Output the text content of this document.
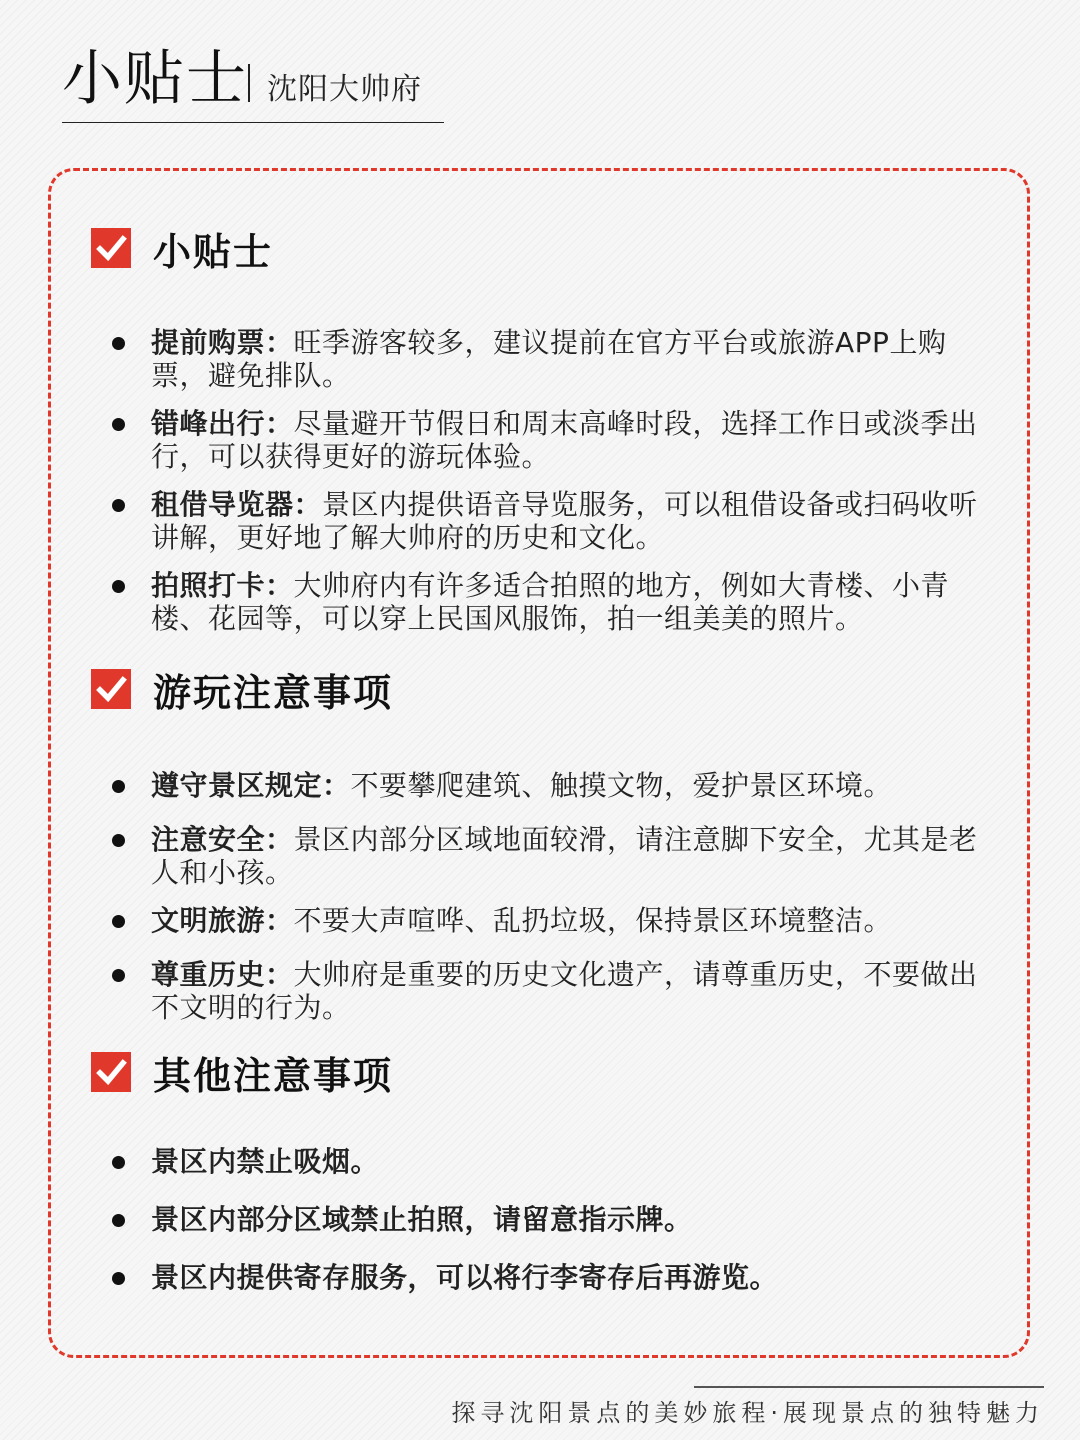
小贴士 沈阳大帅府
小贴士
提前购票：旺季游客较多，建议提前在官方平台或旅游APP上购票，避免排队。
错峰出行：尽量避开节假日和周末高峰时段，选择工作日或淡季出行，可以获得更好的游玩体验。
租借导览器：景区内提供语音导览服务，可以租借设备或扫码收听讲解，更好地了解大帅府的历史和文化。
拍照打卡：大帅府内有许多适合拍照的地方，例如大青楼、小青楼、花园等，可以穿上民国风服饰，拍一组美美的照片。
游玩注意事项
遵守景区规定：不要攀爬建筑、触摸文物，爱护景区环境。
注意安全：景区内部分区域地面较滑，请注意脚下安全，尤其是老人和小孩。
文明旅游：不要大声喧哗、乱扔垃圾，保持景区环境整洁。
尊重历史：大帅府是重要的历史文化遗产，请尊重历史，不要做出不文明的行为。
其他注意事项
景区内禁止吸烟。
景区内部分区域禁止拍照，请留意指示牌。
景区内提供寄存服务，可以将行李寄存后再游览。
探寻沈阳景点的美妙旅程·展现景点的独特魅力
